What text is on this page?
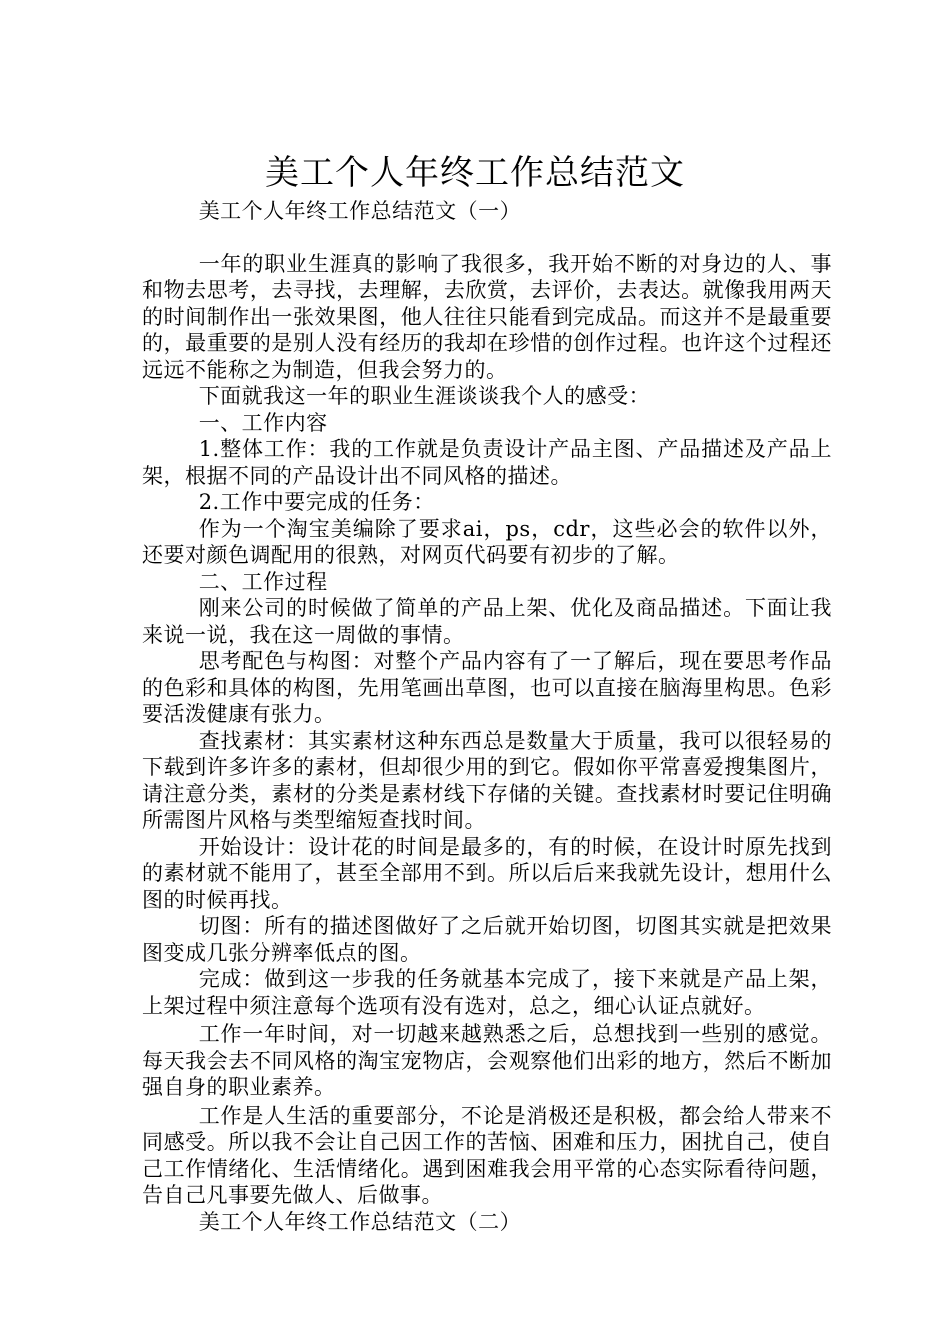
美工个人年终工作总结范文

美工个人年终工作总结范文（一）

一年的职业生涯真的影响了我很多，我开始不断的对身边的人、事和物去思考，去寻找，去理解，去欣赏，去评价，去表达。就像我用两天的时间制作出一张效果图，他人往往只能看到完成品。而这并不是最重要的，最重要的是别人没有经历的我却在珍惜的创作过程。也许这个过程还远远不能称之为制造，但我会努力的。

下面就我这一年的职业生涯谈谈我个人的感受：

一、工作内容

1.整体工作：我的工作就是负责设计产品主图、产品描述及产品上架，根据不同的产品设计出不同风格的描述。

2.工作中要完成的任务：

作为一个淘宝美编除了要求ai，ps，cdr，这些必会的软件以外，还要对颜色调配用的很熟，对网页代码要有初步的了解。

二、工作过程

刚来公司的时候做了简单的产品上架、优化及商品描述。下面让我来说一说，我在这一周做的事情。

思考配色与构图：对整个产品内容有了一了解后，现在要思考作品的色彩和具体的构图，先用笔画出草图，也可以直接在脑海里构思。色彩要活泼健康有张力。

查找素材：其实素材这种东西总是数量大于质量，我可以很轻易的下载到许多许多的素材，但却很少用的到它。假如你平常喜爱搜集图片，请注意分类，素材的分类是素材线下存储的关键。查找素材时要记住明确所需图片风格与类型缩短查找时间。

开始设计：设计花的时间是最多的，有的时候，在设计时原先找到的素材就不能用了，甚至全部用不到。所以后后来我就先设计，想用什么图的时候再找。

切图：所有的描述图做好了之后就开始切图，切图其实就是把效果图变成几张分辨率低点的图。

完成：做到这一步我的任务就基本完成了，接下来就是产品上架，上架过程中须注意每个选项有没有选对，总之，细心认证点就好。

工作一年时间，对一切越来越熟悉之后，总想找到一些别的感觉。每天我会去不同风格的淘宝宠物店，会观察他们出彩的地方，然后不断加强自身的职业素养。

工作是人生活的重要部分，不论是消极还是积极，都会给人带来不同感受。所以我不会让自己因工作的苦恼、困难和压力，困扰自己，使自己工作情绪化、生活情绪化。遇到困难我会用平常的心态实际看待问题，告自己凡事要先做人、后做事。

美工个人年终工作总结范文（二）
